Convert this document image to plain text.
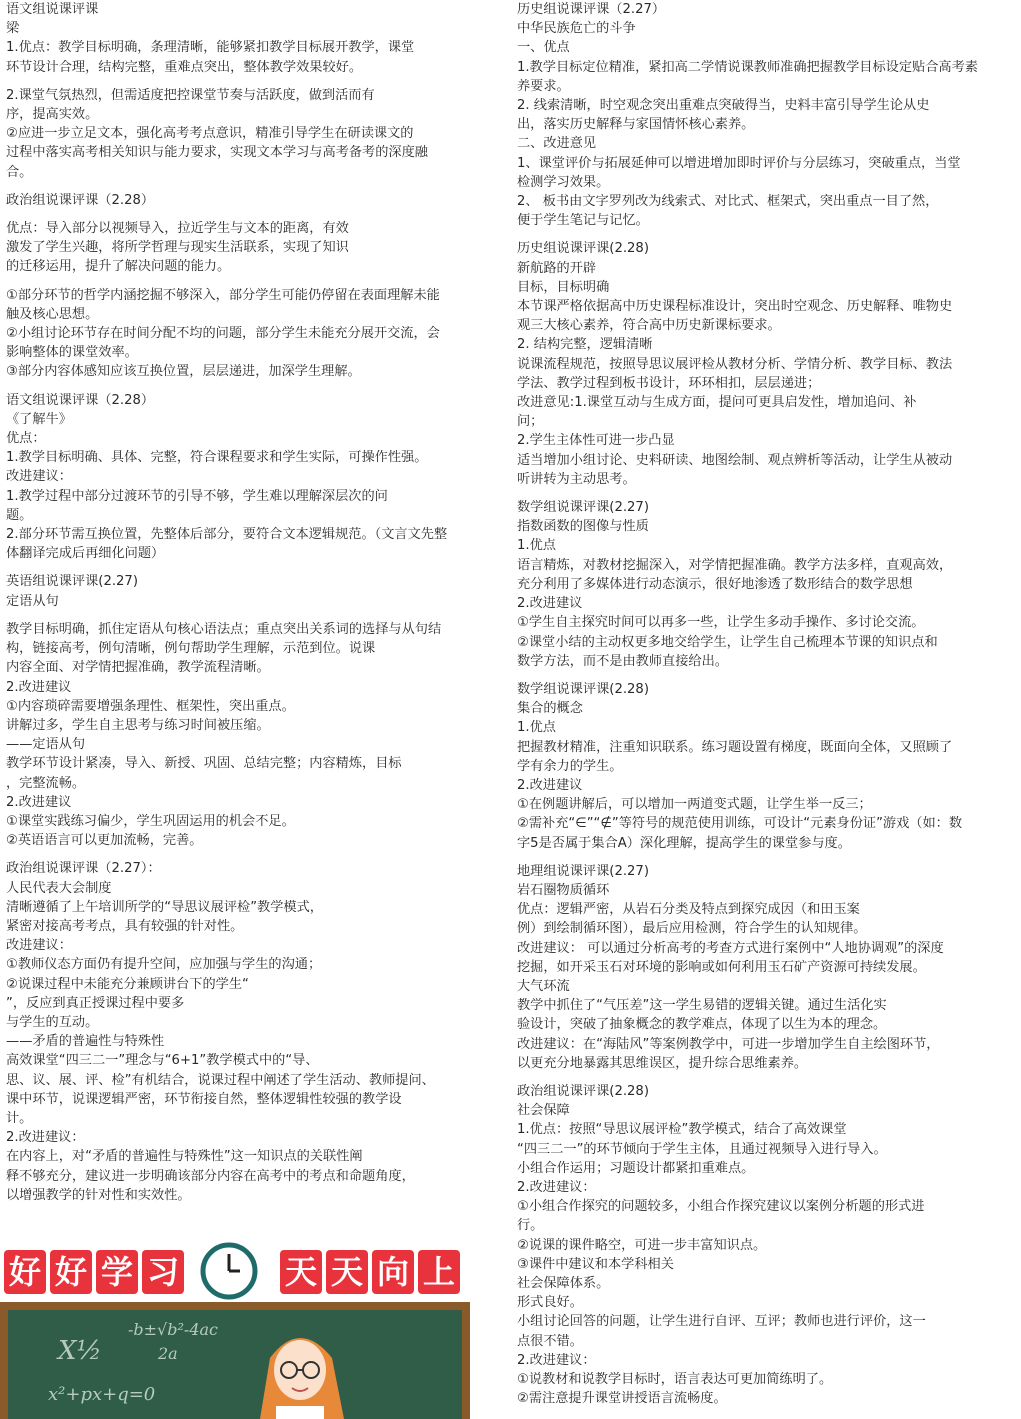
语文组说课评课
梁
1.优点：教学目标明确，条理清晰，能够紧扣教学目标展开教学，课堂
环节设计合理，结构完整，重难点突出，整体教学效果较好。
2.课堂气氛热烈，但需适度把控课堂节奏与活跃度，做到活而有
序，提高实效。
②应进一步立足文本，强化高考考点意识，精准引导学生在研读课文的
过程中落实高考相关知识与能力要求，实现文本学习与高考备考的深度融
合。
政治组说课评课（2.28）
优点：导入部分以视频导入，拉近学生与文本的距离，有效
激发了学生兴趣，将所学哲理与现实生活联系，实现了知识
的迁移运用，提升了解决问题的能力。
①部分环节的哲学内涵挖掘不够深入，部分学生可能仍停留在表面理解未能
触及核心思想。
②小组讨论环节存在时间分配不均的问题，部分学生未能充分展开交流，会
影响整体的课堂效率。
③部分内容体感知应该互换位置，层层递进，加深学生理解。
语文组说课评课（2.28）
《了解牛》
优点：
1.教学目标明确、具体、完整，符合课程要求和学生实际，可操作性强。
改进建议：
1.教学过程中部分过渡环节的引导不够，学生难以理解深层次的问
题。
2.部分环节需互换位置，先整体后部分，要符合文本逻辑规范。（文言文先整
体翻译完成后再细化问题）
英语组说课评课(2.27)
定语从句
教学目标明确，抓住定语从句核心语法点；重点突出关系词的选择与从句结
构，链接高考，例句清晰，例句帮助学生理解，示范到位。说课
内容全面、对学情把握准确，教学流程清晰。
2.改进建议
①内容琐碎需要增强条理性、框架性，突出重点。
讲解过多，学生自主思考与练习时间被压缩。
——定语从句
教学环节设计紧凑，导入、新授、巩固、总结完整；内容精炼，目标
，完整流畅。
2.改进建议
①课堂实践练习偏少，学生巩固运用的机会不足。
②英语语言可以更加流畅，完善。
政治组说课评课（2.27）：
人民代表大会制度
清晰遵循了上午培训所学的“导思议展评检”教学模式，
紧密对接高考考点，具有较强的针对性。
改进建议：
①教师仪态方面仍有提升空间，应加强与学生的沟通；
②说课过程中未能充分兼顾讲台下的学生“
”，反应到真正授课过程中要多
与学生的互动。
——矛盾的普遍性与特殊性
高效课堂“四三二一”理念与“6+1”教学模式中的“导、
思、议、展、评、检”有机结合，说课过程中阐述了学生活动、教师提问、
课中环节，说课逻辑严密，环节衔接自然，整体逻辑性较强的教学设
计。
2.改进建议：
在内容上，对“矛盾的普遍性与特殊性”这一知识点的关联性阐
释不够充分，建议进一步明确该部分内容在高考中的考点和命题角度，
以增强教学的针对性和实效性。
历史组说课评课（2.27）
中华民族危亡的斗争
一、优点
1.教学目标定位精准，紧扣高二学情说课教师准确把握教学目标设定贴合高考素
养要求。
2. 线索清晰，时空观念突出重难点突破得当，史料丰富引导学生论从史
出，落实历史解释与家国情怀核心素养。
二、改进意见
1、课堂评价与拓展延伸可以增进增加即时评价与分层练习，突破重点，当堂
检测学习效果。
2、 板书由文字罗列改为线索式、对比式、框架式，突出重点一目了然，
便于学生笔记与记忆。
历史组说课评课(2.28)
新航路的开辟
目标，目标明确
本节课严格依据高中历史课程标准设计，突出时空观念、历史解释、唯物史
观三大核心素养，符合高中历史新课标要求。
2. 结构完整，逻辑清晰
说课流程规范，按照导思议展评检从教材分析、学情分析、教学目标、教法
学法、教学过程到板书设计，环环相扣，层层递进；
改进意见:1.课堂互动与生成方面，提问可更具启发性，增加追问、补
问；
2.学生主体性可进一步凸显
适当增加小组讨论、史料研读、地图绘制、观点辨析等活动，让学生从被动
听讲转为主动思考。
数学组说课评课(2.27)
指数函数的图像与性质
1.优点
语言精炼，对教材挖掘深入，对学情把握准确。教学方法多样，直观高效，
充分利用了多媒体进行动态演示，很好地渗透了数形结合的数学思想
2.改进建议
①学生自主探究时间可以再多一些，让学生多动手操作、多讨论交流。
②课堂小结的主动权更多地交给学生，让学生自己梳理本节课的知识点和
数学方法，而不是由教师直接给出。
数学组说课评课(2.28)
集合的概念
1.优点
把握教材精准，注重知识联系。练习题设置有梯度，既面向全体，又照顾了
学有余力的学生。
2.改进建议
①在例题讲解后，可以增加一两道变式题，让学生举一反三；
②需补充“∈”“∉”等符号的规范使用训练，可设计“元素身份证”游戏（如：数
字5是否属于集合A）深化理解，提高学生的课堂参与度。
地理组说课评课(2.27)
岩石圈物质循环
优点：逻辑严密，从岩石分类及特点到探究成因（和田玉案
例）到绘制循环图），最后应用检测，符合学生的认知规律。
改进建议： 可以通过分析高考的考查方式进行案例中“人地协调观”的深度
挖掘，如开采玉石对环境的影响或如何利用玉石矿产资源可持续发展。
大气环流
教学中抓住了“气压差”这一学生易错的逻辑关键。通过生活化实
验设计，突破了抽象概念的教学难点，体现了以生为本的理念。
改进建议：在“海陆风”等案例教学中，可进一步增加学生自主绘图环节，
以更充分地暴露其思维误区，提升综合思维素养。
政治组说课评课(2.28)
社会保障
1.优点：按照“导思议展评检”教学模式，结合了高效课堂
“四三二一”的环节倾向于学生主体，且通过视频导入进行导入。
小组合作运用；习题设计都紧扣重难点。
2.改进建议：
①小组合作探究的问题较多，小组合作探究建议以案例分析题的形式进
行。
②说课的课件略空，可进一步丰富知识点。
③课件中建议和本学科相关
社会保障体系。
形式良好。
小组讨论回答的问题，让学生进行自评、互评；教师也进行评价，这一
点很不错。
2.改进建议：
①说教材和说教学目标时，语言表达可更加简练明了。
②需注意提升课堂讲授语言流畅度。
好 好 学 习	天 天 向 上
X½
-b±√b²-4ac
2a
x²+px+q=0
